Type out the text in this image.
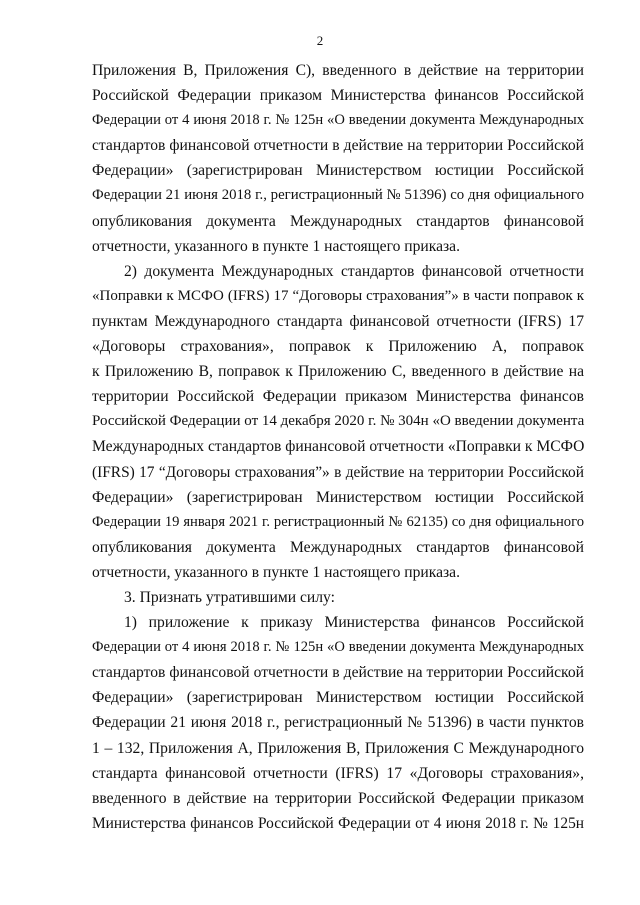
2
Приложения B, Приложения C), введенного в действие на территории
Российской Федерации приказом Министерства финансов Российской
Федерации от 4 июня 2018 г. № 125н «О введении документа Международных
стандартов финансовой отчетности в действие на территории Российской
Федерации» (зарегистрирован Министерством юстиции Российской
Федерации 21 июня 2018 г., регистрационный № 51396) со дня официального
опубликования документа Международных стандартов финансовой
отчетности, указанного в пункте 1 настоящего приказа.
2) документа Международных стандартов финансовой отчетности
«Поправки к МСФО (IFRS) 17 “Договоры страхования”» в части поправок к
пунктам Международного стандарта финансовой отчетности (IFRS) 17
«Договоры страхования», поправок к Приложению A, поправок
к Приложению B, поправок к Приложению C, введенного в действие на
территории Российской Федерации приказом Министерства финансов
Российской Федерации от 14 декабря 2020 г. № 304н «О введении документа
Международных стандартов финансовой отчетности «Поправки к МСФО
(IFRS) 17 “Договоры страхования”» в действие на территории Российской
Федерации» (зарегистрирован Министерством юстиции Российской
Федерации 19 января 2021 г. регистрационный № 62135) со дня официального
опубликования документа Международных стандартов финансовой
отчетности, указанного в пункте 1 настоящего приказа.
3. Признать утратившими силу:
1) приложение к приказу Министерства финансов Российской
Федерации от 4 июня 2018 г. № 125н «О введении документа Международных
стандартов финансовой отчетности в действие на территории Российской
Федерации» (зарегистрирован Министерством юстиции Российской
Федерации 21 июня 2018 г., регистрационный № 51396) в части пунктов
1 – 132, Приложения A, Приложения B, Приложения C Международного
стандарта финансовой отчетности (IFRS) 17 «Договоры страхования»,
введенного в действие на территории Российской Федерации приказом
Министерства финансов Российской Федерации от 4 июня 2018 г. № 125н
